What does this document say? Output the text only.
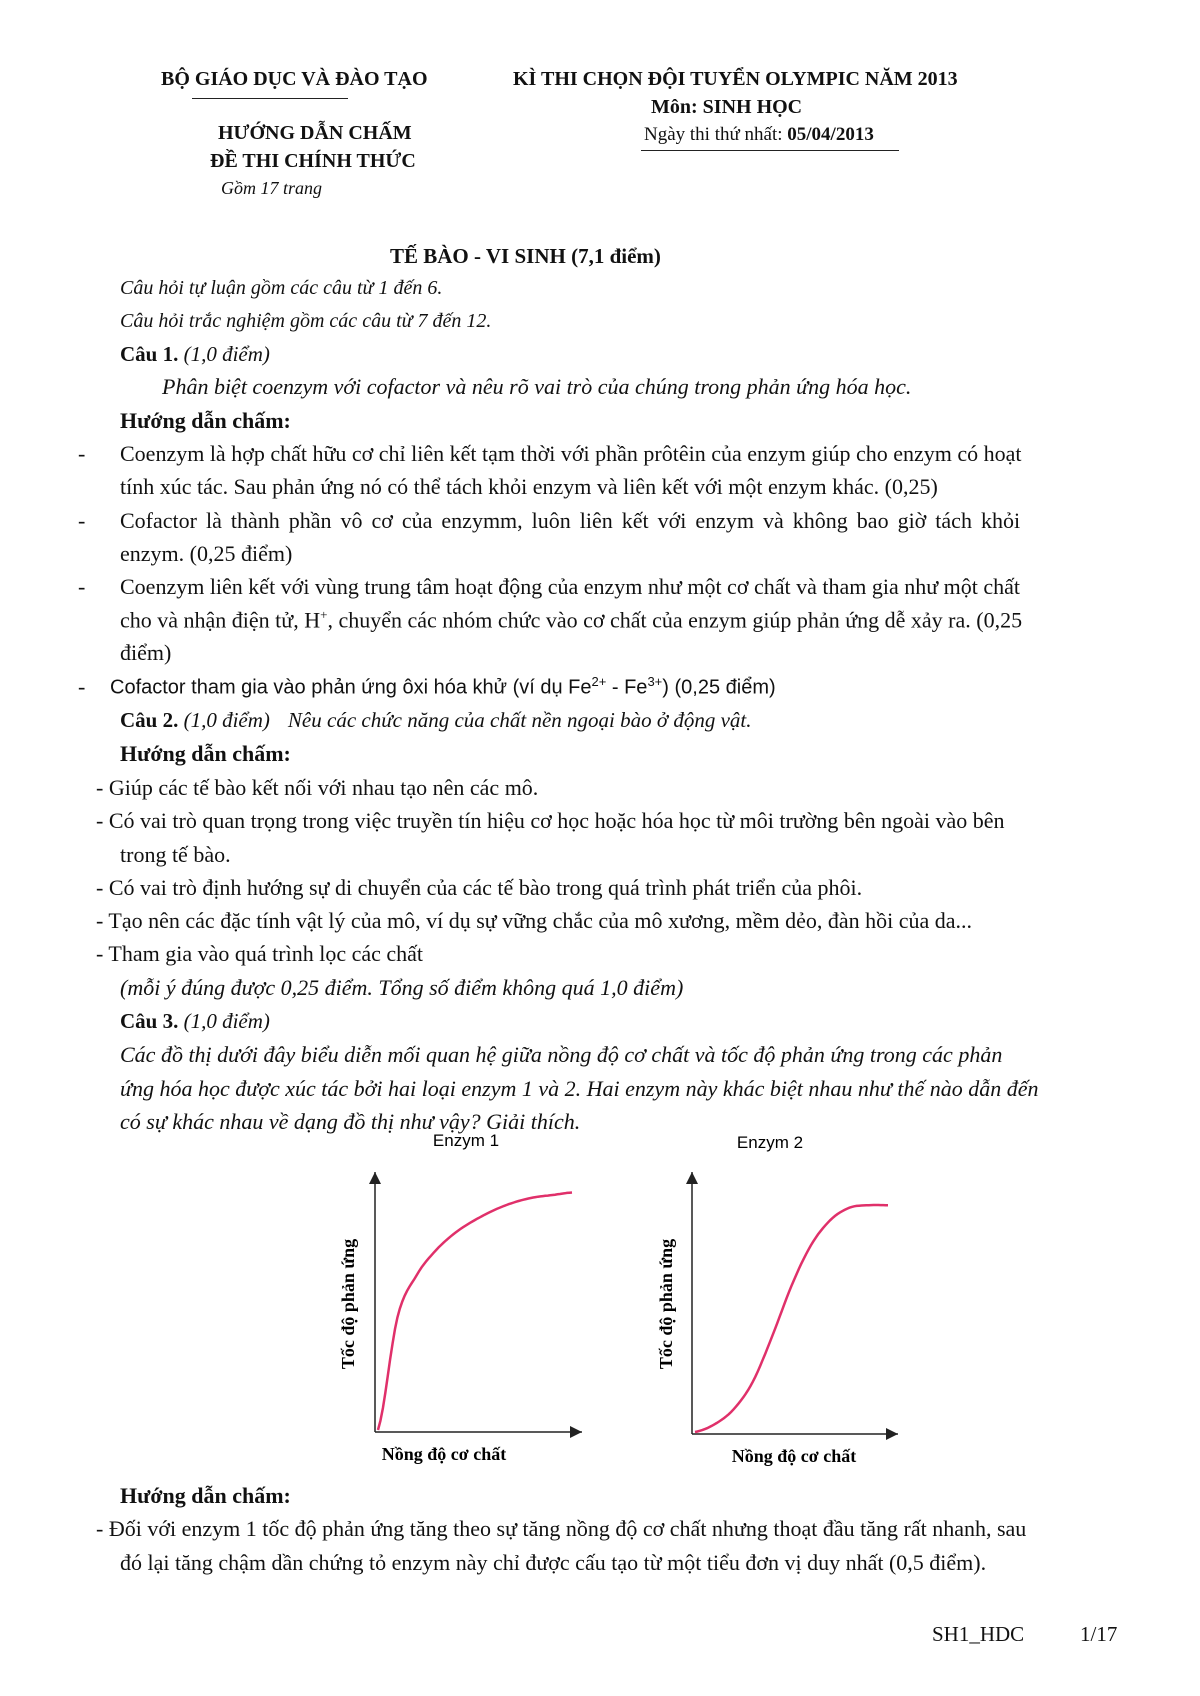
BỘ GIÁO DỤC VÀ ĐÀO TẠO
HƯỚNG DẪN CHẤM
ĐỀ THI CHÍNH THỨC
Gồm 17 trang
KÌ THI CHỌN ĐỘI TUYỂN OLYMPIC NĂM 2013
Môn: SINH HỌC
Ngày thi thứ nhất: 05/04/2013
TẾ BÀO - VI SINH (7,1 điểm)
Câu hỏi tự luận gồm các câu từ 1 đến 6.
Câu hỏi trắc nghiệm gồm các câu từ 7 đến 12.
Câu 1. (1,0 điểm)
Phân biệt coenzym với cofactor và nêu rõ vai trò của chúng trong phản ứng hóa học.
Hướng dẫn chấm:
- Coenzym là hợp chất hữu cơ chỉ liên kết tạm thời với phần prôtêin của enzym giúp cho enzym có hoạt
tính xúc tác. Sau phản ứng nó có thể tách khỏi enzym và liên kết với một enzym khác. (0,25)
- Cofactor là thành phần vô cơ của enzymm, luôn liên kết với enzym và không bao giờ tách khỏi
enzym. (0,25 điểm)
- Coenzym liên kết với vùng trung tâm hoạt động của enzym như một cơ chất và tham gia như một chất
cho và nhận điện tử, H+, chuyển các nhóm chức vào cơ chất của enzym giúp phản ứng dễ xảy ra. (0,25
điểm)
- Cofactor tham gia vào phản ứng ôxi hóa khử (ví dụ $Fe^{2+} - Fe^{3+}$) (0,25 điểm)
Câu 2. (1,0 điểm) Nêu các chức năng của chất nền ngoại bào ở động vật.
Hướng dẫn chấm:
- Giúp các tế bào kết nối với nhau tạo nên các mô.
- Có vai trò quan trọng trong việc truyền tín hiệu cơ học hoặc hóa học từ môi trường bên ngoài vào bên
trong tế bào.
- Có vai trò định hướng sự di chuyển của các tế bào trong quá trình phát triển của phôi.
- Tạo nên các đặc tính vật lý của mô, ví dụ sự vững chắc của mô xương, mềm dẻo, đàn hồi của da...
- Tham gia vào quá trình lọc các chất
(mỗi ý đúng được 0,25 điểm. Tổng số điểm không quá 1,0 điểm)
Câu 3. (1,0 điểm)
Các đồ thị dưới đây biểu diễn mối quan hệ giữa nồng độ cơ chất và tốc độ phản ứng trong các phản
ứng hóa học được xúc tác bởi hai loại enzym 1 và 2. Hai enzym này khác biệt nhau như thế nào dẫn đến
có sự khác nhau về dạng đồ thị như vậy? Giải thích.
Enzym 1
Nồng độ cơ chất
Tốc độ phản ứng
Enzym 2
Nồng độ cơ chất
Tốc độ phản ứng
Hướng dẫn chấm:
- Đối với enzym 1 tốc độ phản ứng tăng theo sự tăng nồng độ cơ chất nhưng thoạt đầu tăng rất nhanh, sau
đó lại tăng chậm dần chứng tỏ enzym này chỉ được cấu tạo từ một tiểu đơn vị duy nhất (0,5 điểm).
SH1_HDC	1/17
